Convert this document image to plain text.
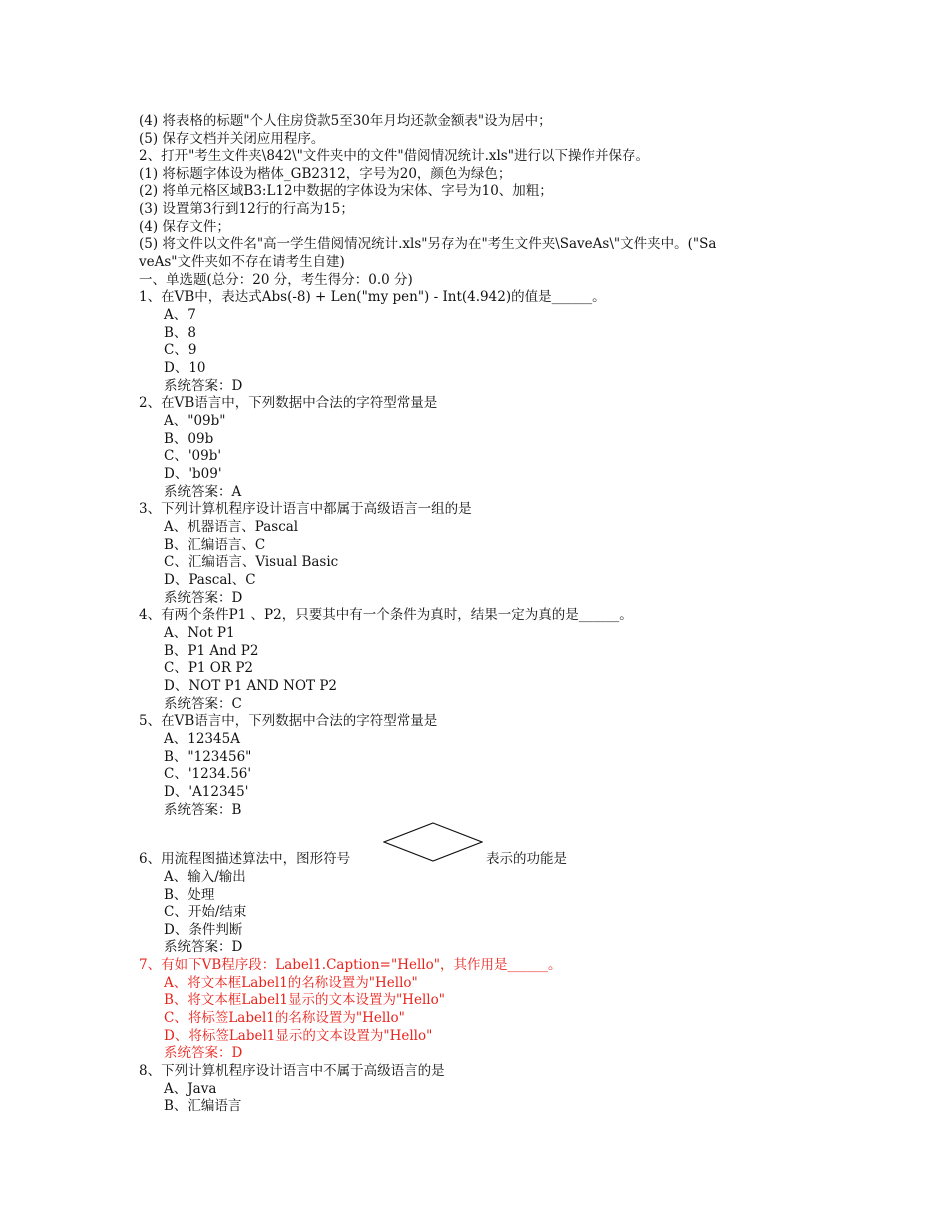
(4) 将表格的标题"个人住房贷款5至30年月均还款金额表"设为居中；
(5) 保存文档并关闭应用程序。
2、打开"考生文件夹\842\"文件夹中的文件"借阅情况统计.xls"进行以下操作并保存。
(1) 将标题字体设为楷体_GB2312，字号为20，颜色为绿色；
(2) 将单元格区域B3:L12中数据的字体设为宋体、字号为10、加粗；
(3) 设置第3行到12行的行高为15；
(4) 保存文件；
(5) 将文件以文件名"高一学生借阅情况统计.xls"另存为在"考生文件夹\SaveAs\"文件夹中。("Sa
veAs"文件夹如不存在请考生自建)
一、单选题(总分：20 分，考生得分：0.0 分)
1、在VB中，表达式Abs(-8) + Len("my pen") - Int(4.942)的值是______。
A、7
B、8
C、9
D、10
系统答案：D
2、在VB语言中，下列数据中合法的字符型常量是
A、"09b"
B、09b
C、'09b'
D、'b09'
系统答案：A
3、下列计算机程序设计语言中都属于高级语言一组的是
A、机器语言、Pascal
B、汇编语言、C
C、汇编语言、Visual Basic
D、Pascal、C
系统答案：D
4、有两个条件P1 、P2，只要其中有一个条件为真时，结果一定为真的是______。
A、Not P1
B、P1 And P2
C、P1 OR P2
D、NOT P1 AND NOT P2
系统答案：C
5、在VB语言中，下列数据中合法的字符型常量是
A、12345A
B、"123456"
C、'1234.56'
D、'A12345'
系统答案：B
6、用流程图描述算法中，图形符号	表示的功能是
A、输入/输出
B、处理
C、开始/结束
D、条件判断
系统答案：D
7、有如下VB程序段：Label1.Caption="Hello"，其作用是______。
A、将文本框Label1的名称设置为"Hello"
B、将文本框Label1显示的文本设置为"Hello"
C、将标签Label1的名称设置为"Hello"
D、将标签Label1显示的文本设置为"Hello"
系统答案：D
8、下列计算机程序设计语言中不属于高级语言的是
A、Java
B、汇编语言
